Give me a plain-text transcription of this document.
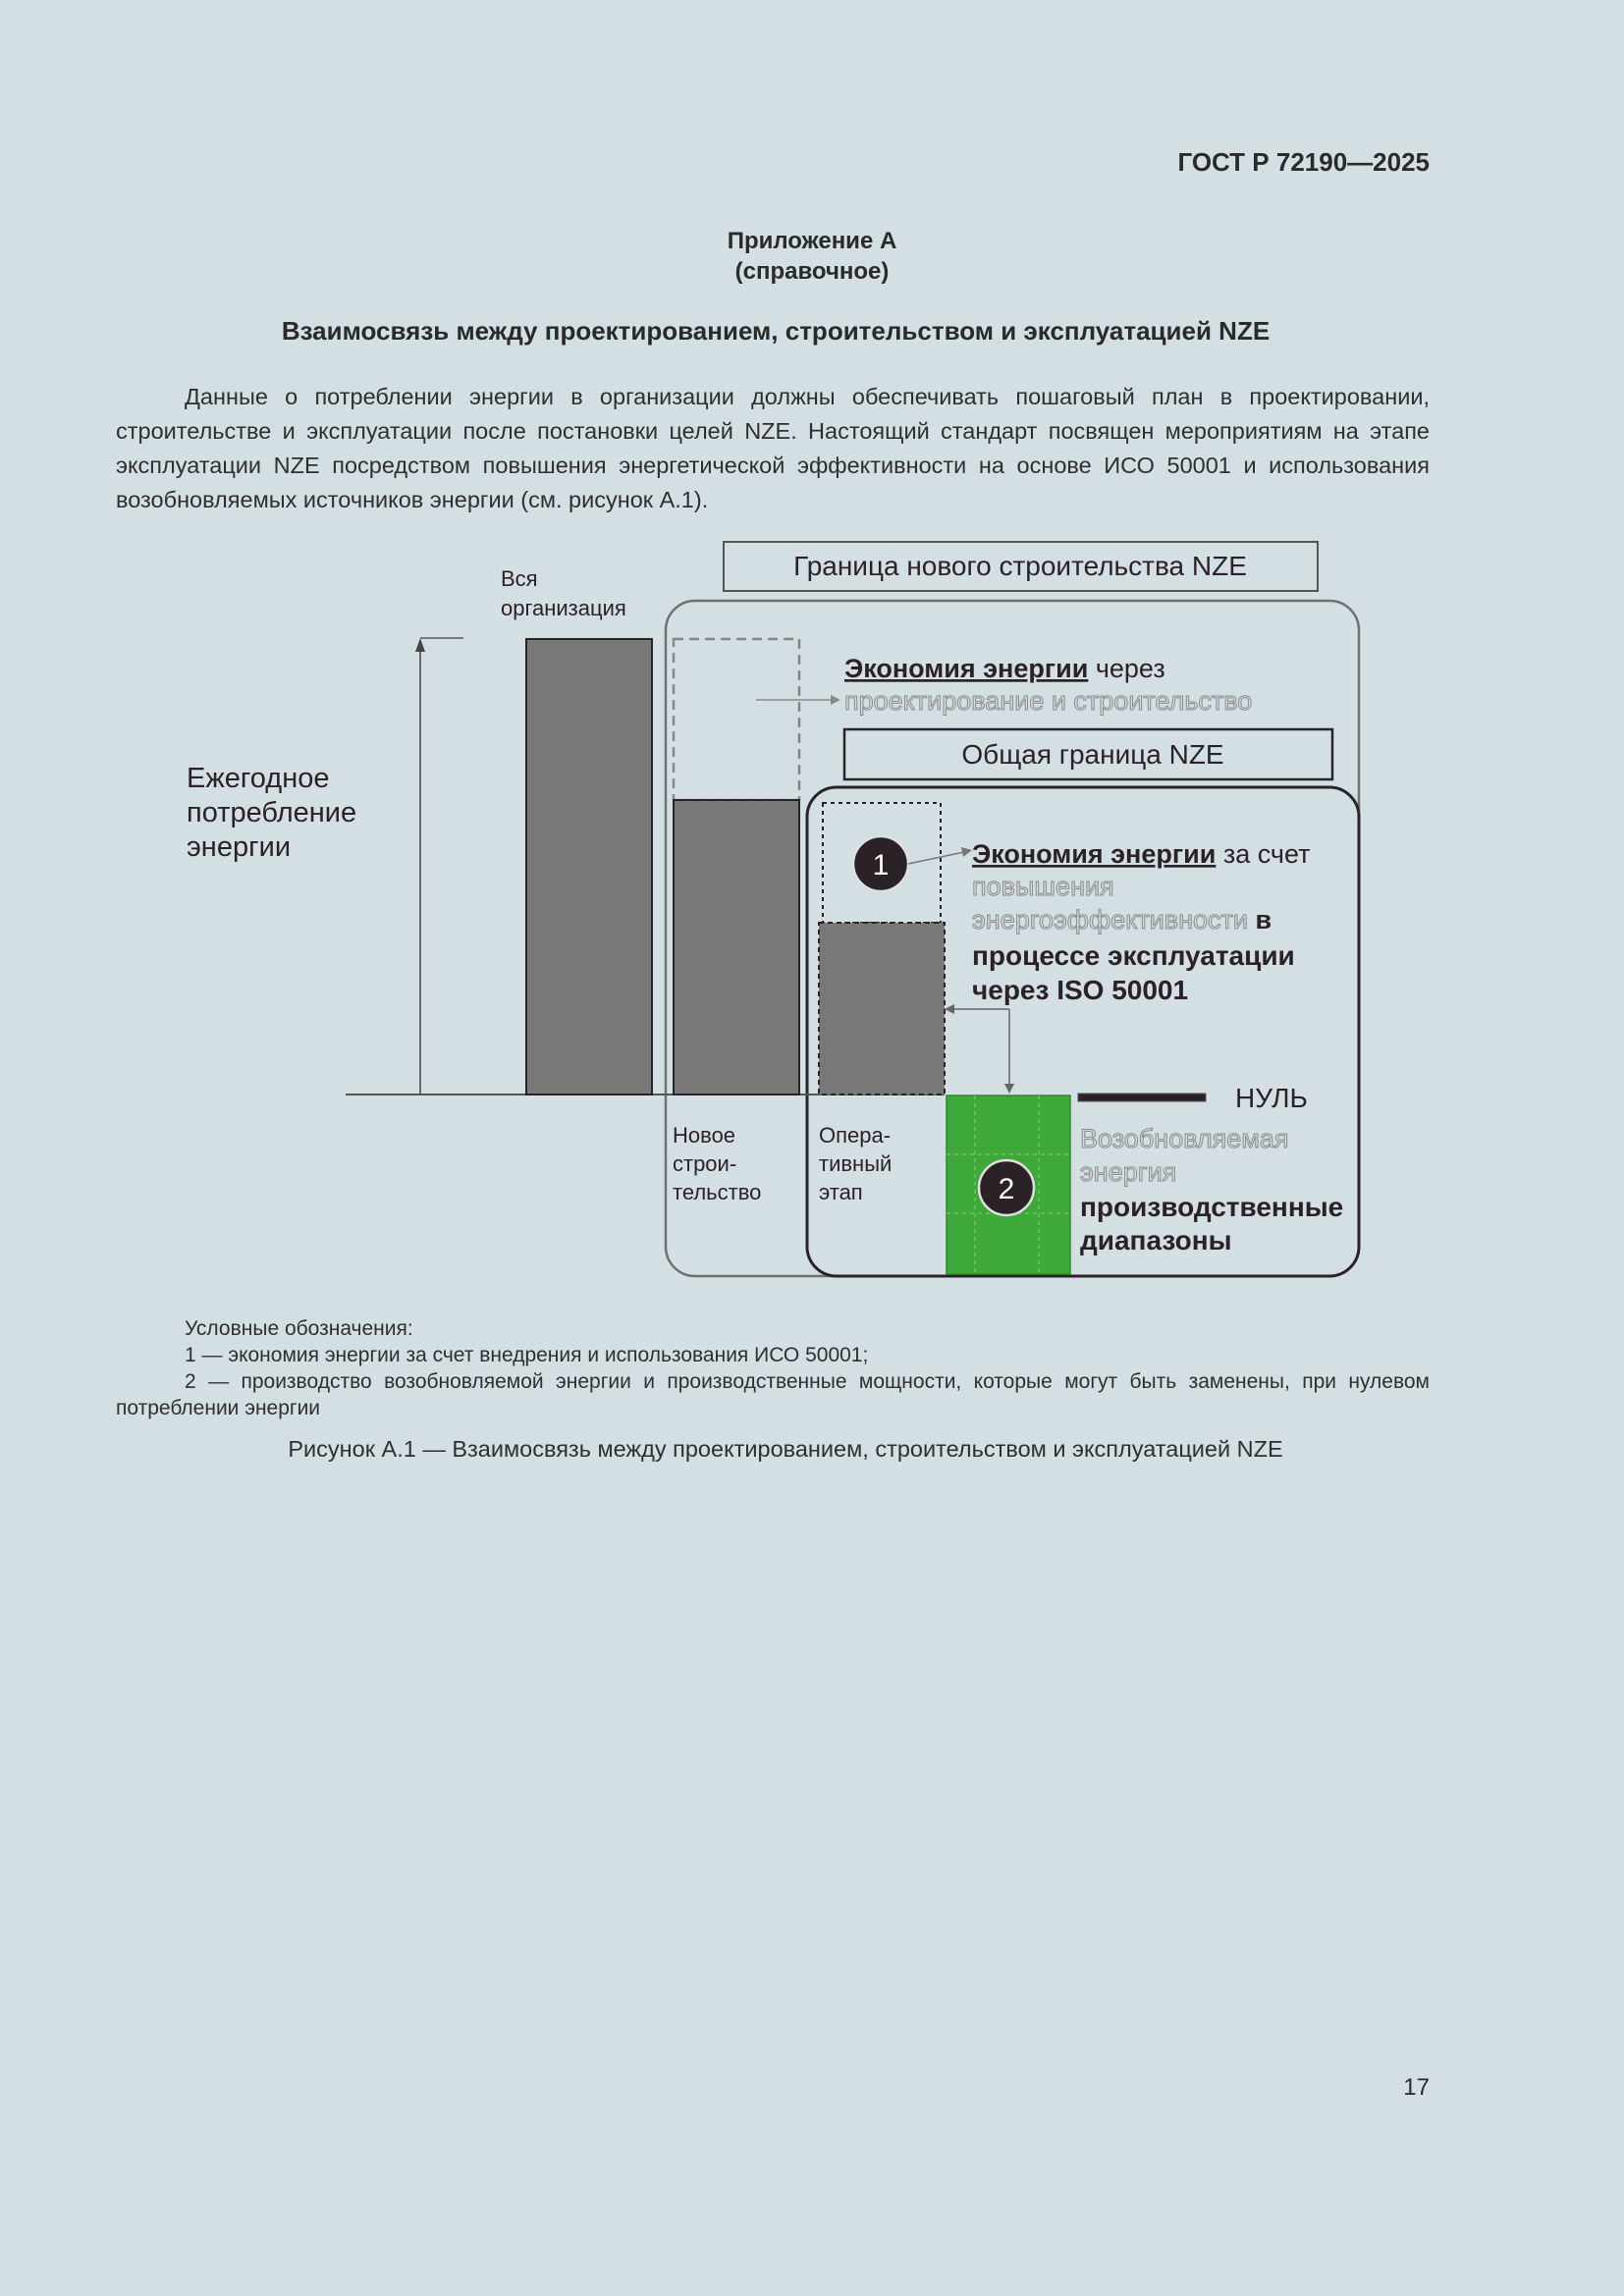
ГОСТ Р 72190—2025
Приложение А
(справочное)
Взаимосвязь между проектированием, строительством и эксплуатацией NZE
Данные о потреблении энергии в организации должны обеспечивать пошаговый план в проектировании, строительстве и эксплуатации после постановки целей NZE. Настоящий стандарт посвящен мероприятиям на этапе эксплуатации NZE посредством повышения энергетической эффективности на основе ИСО 50001 и использования возобновляемых источников энергии (см. рисунок А.1).
Граница нового строительства NZE
Общая граница NZE
Ежегодное
потребление
энергии
Вся
организация
Экономия энергии через
проектирование и строительство
1	Экономия энергии за счет
повышения
энергоэффективности в
процессе эксплуатации
через ISO 50001
2
НУЛЬ
Возобновляемая
энергия
производственные
диапазоны
Новое
строи-
тельство
Опера-
тивный
этап
Условные обозначения:
1 — экономия энергии за счет внедрения и использования ИСО 50001;
2 — производство возобновляемой энергии и производственные мощности, которые могут быть заменены, при нулевом потреблении энергии
Рисунок А.1 — Взаимосвязь между проектированием, строительством и эксплуатацией NZE
17
